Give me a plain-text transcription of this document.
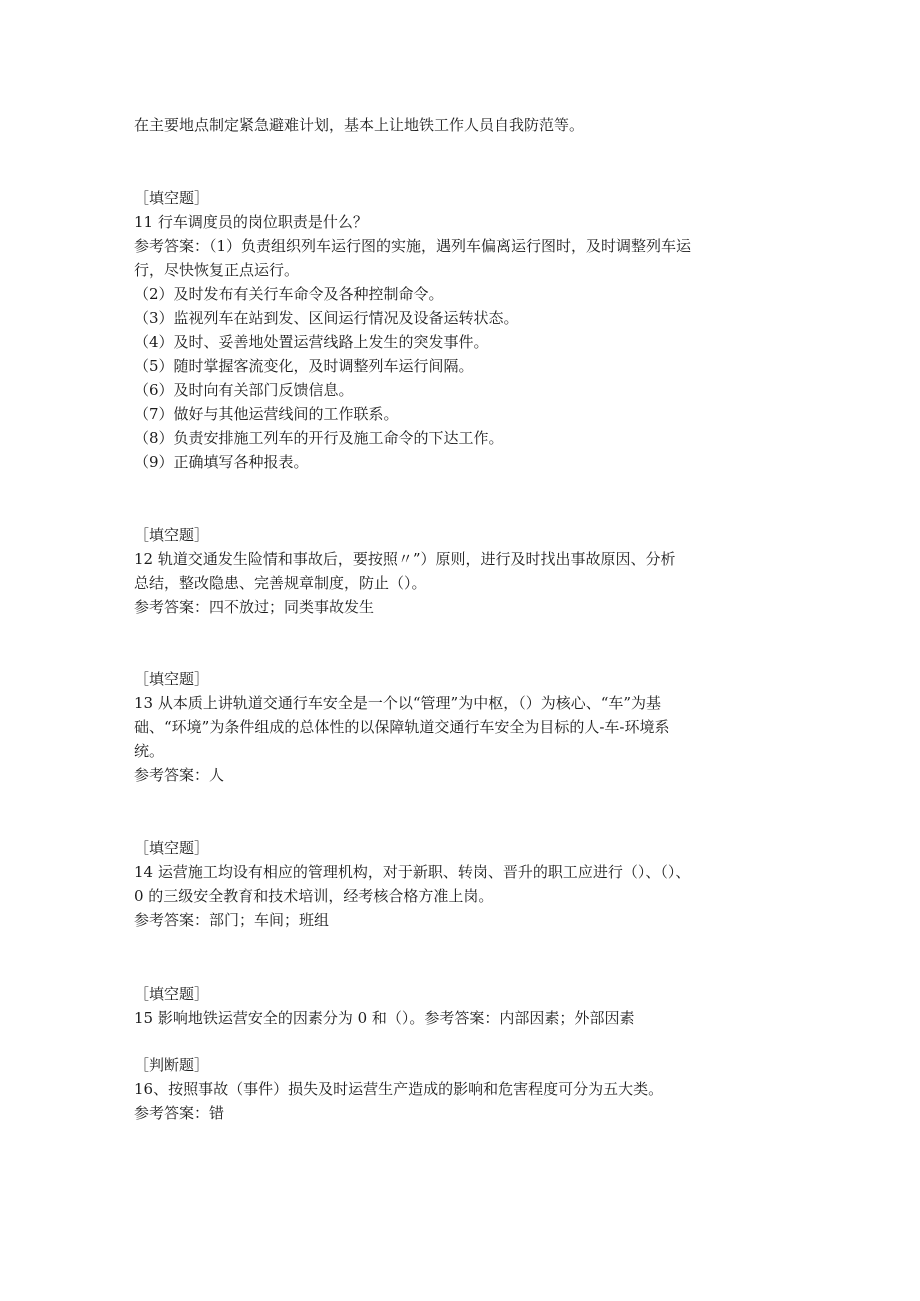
在主要地点制定紧急避难计划，基本上让地铁工作人员自我防范等。
［填空题］
11 行车调度员的岗位职责是什么？
参考答案：（1）负责组织列车运行图的实施，遇列车偏离运行图时，及时调整列车运
行，尽快恢复正点运行。
（2）及时发布有关行车命令及各种控制命令。
（3）监视列车在站到发、区间运行情况及设备运转状态。
（4）及时、妥善地处置运营线路上发生的突发事件。
（5）随时掌握客流变化，及时调整列车运行间隔。
（6）及时向有关部门反馈信息。
（7）做好与其他运营线间的工作联系。
（8）负责安排施工列车的开行及施工命令的下达工作。
（9）正确填写各种报表。
［填空题］
12 轨道交通发生险情和事故后，要按照〃”）原则，进行及时找出事故原因、分析
总结，整改隐患、完善规章制度，防止（）。
参考答案：四不放过；同类事故发生
［填空题］
13 从本质上讲轨道交通行车安全是一个以“管理”为中枢，（）为核心、“车”为基
础、“环境”为条件组成的总体性的以保障轨道交通行车安全为目标的人-车-环境系
统。
参考答案：人
［填空题］
14 运营施工均设有相应的管理机构，对于新职、转岗、晋升的职工应进行（）、（）、
0 的三级安全教育和技术培训，经考核合格方准上岗。
参考答案：部门；车间；班组
［填空题］
15 影响地铁运营安全的因素分为 0 和（）。参考答案：内部因素；外部因素
［判断题］
16、按照事故（事件）损失及时运营生产造成的影响和危害程度可分为五大类。
参考答案：错
